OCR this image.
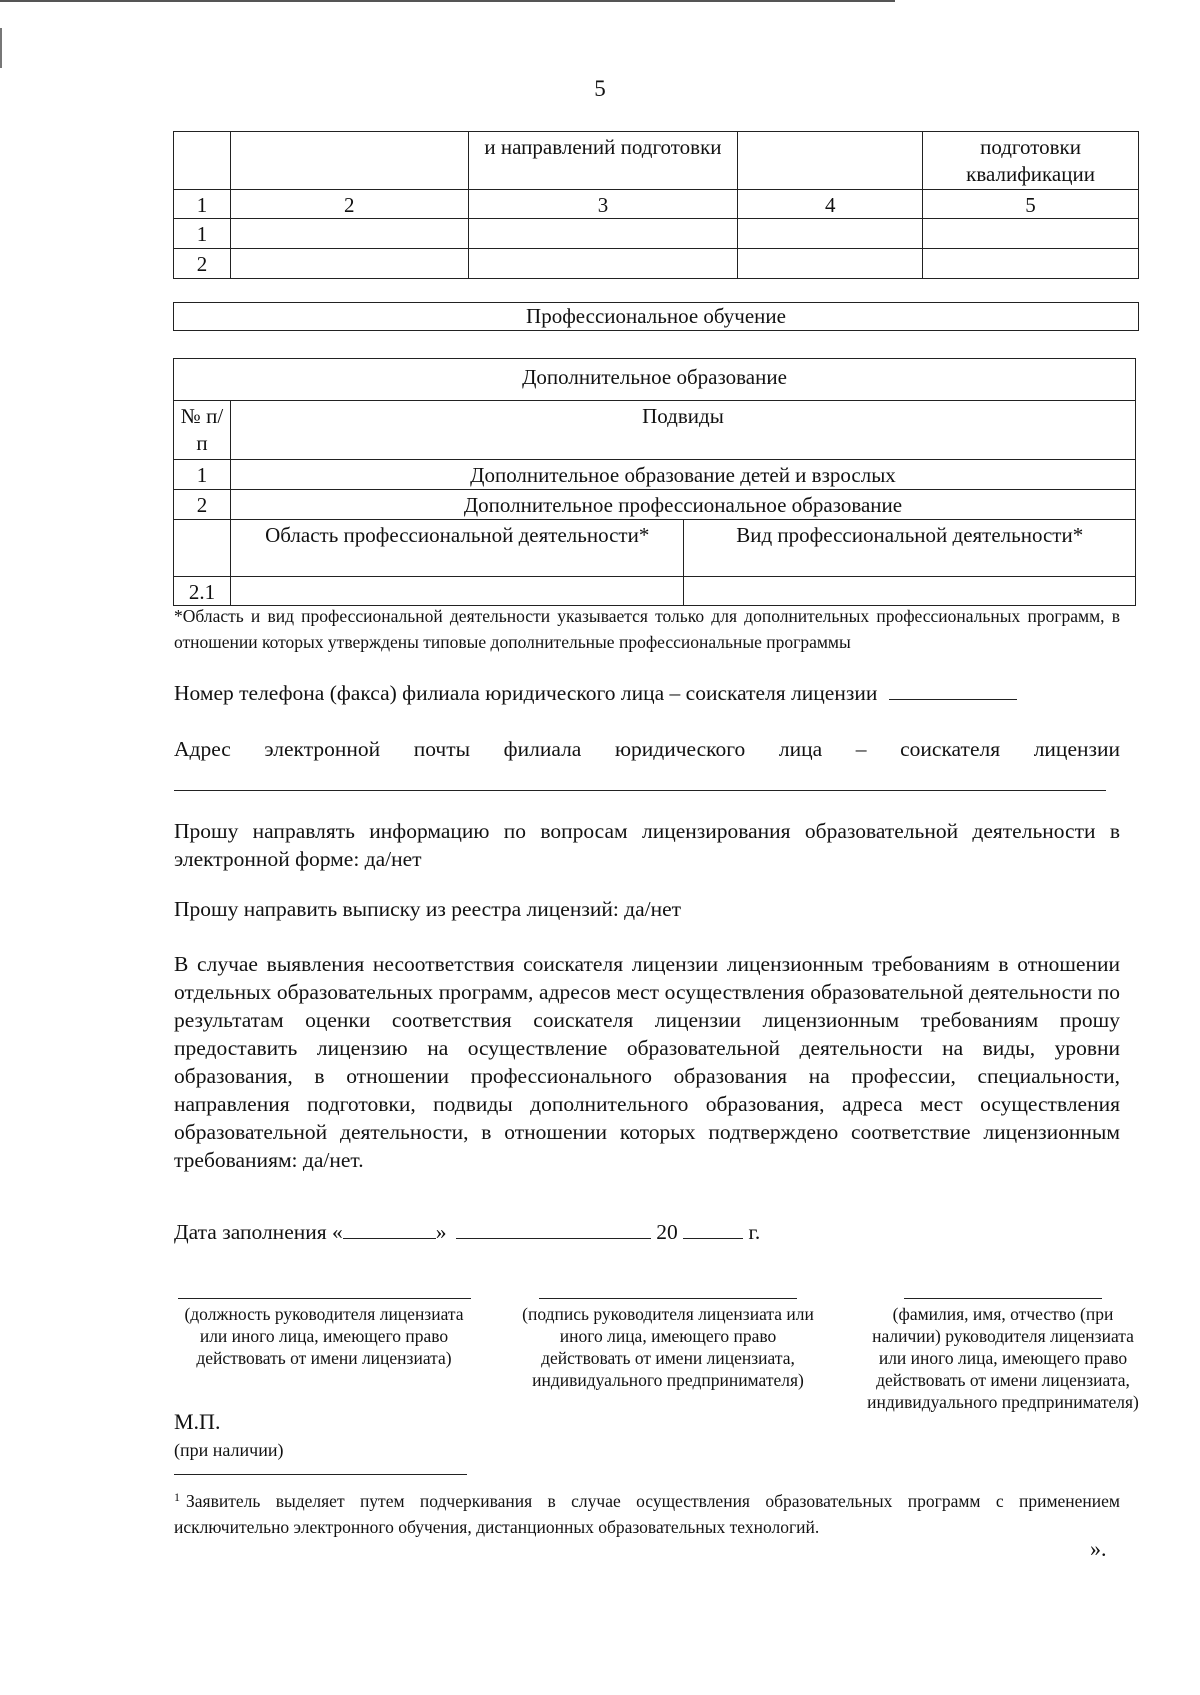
5
		и направлений подготовки		подготовки квалификации
1	2	3	4	5
1				
2				
Профессиональное обучение
Дополнительное образование		
№ п/п	Подвиды	
1	Дополнительное образование детей и взрослых	
2	Дополнительное профессиональное образование	
	Область профессиональной деятельности*	Вид профессиональной деятельности*
2.1		
*Область и вид профессиональной деятельности указывается только для дополнительных профессиональных программ, в отношении которых утверждены типовые дополнительные профессиональные программы
Номер телефона (факса) филиала юридического лица – соискателя лицензии
Адрес электронной почты филиала юридического лица – соискателя лицензии
Прошу направлять информацию по вопросам лицензирования образовательной деятельности в электронной форме: да/нет
Прошу направить выписку из реестра лицензий: да/нет
В случае выявления несоответствия соискателя лицензии лицензионным требованиям в отношении отдельных образовательных программ, адресов мест осуществления образовательной деятельности по результатам оценки соответствия соискателя лицензии лицензионным требованиям прошу предоставить лицензию на осуществление образовательной деятельности на виды, уровни образования, в отношении профессионального образования на профессии, специальности, направления подготовки, подвиды дополнительного образования, адреса мест осуществления образовательной деятельности, в отношении которых подтверждено соответствие лицензионным требованиям: да/нет.
Дата заполнения «	»	20	г.
(должность руководителя лицензиата или иного лица, имеющего право действовать от имени лицензиата)
(подпись руководителя лицензиата или иного лица, имеющего право действовать от имени лицензиата, индивидуального предпринимателя)
(фамилия, имя, отчество (при наличии) руководителя лицензиата или иного лица, имеющего право действовать от имени лицензиата, индивидуального предпринимателя)
М.П.
(при наличии)
$^1$ Заявитель выделяет путем подчеркивания в случае осуществления образовательных программ с применением исключительно электронного обучения, дистанционных образовательных технологий.
».
